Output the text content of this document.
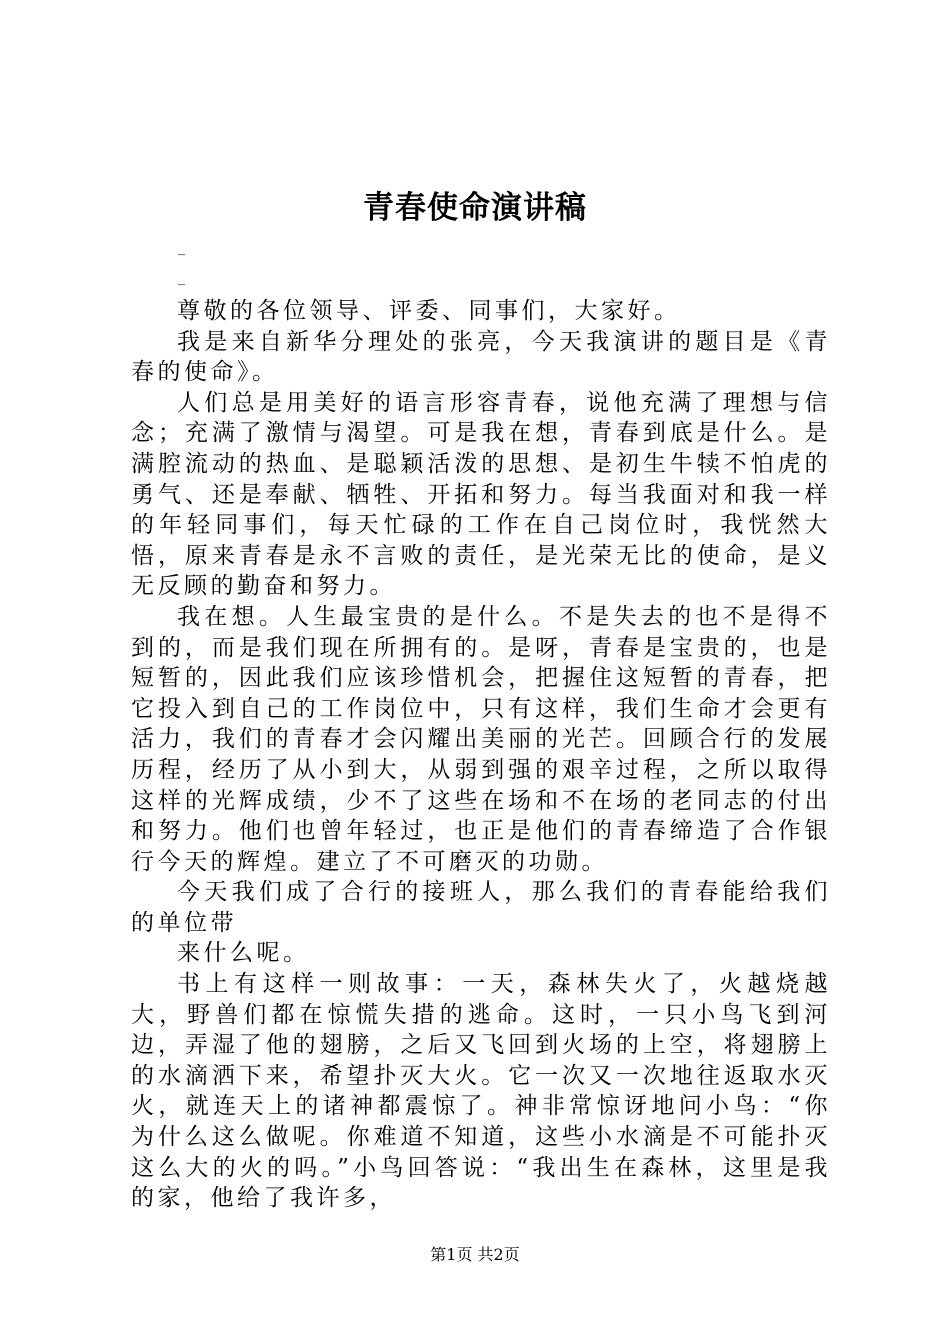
青春使命演讲稿
_
_

尊敬的各位领导、评委、同事们，大家好。

我是来自新华分理处的张亮，今天我演讲的题目是《青春的使命》。

人们总是用美好的语言形容青春，说他充满了理想与信念；充满了激情与渴望。可是我在想，青春到底是什么。是满腔流动的热血、是聪颖活泼的思想、是初生牛犊不怕虎的勇气、还是奉献、牺牲、开拓和努力。每当我面对和我一样的年轻同事们，每天忙碌的工作在自己岗位时，我恍然大悟，原来青春是永不言败的责任，是光荣无比的使命，是义无反顾的勤奋和努力。

我在想。人生最宝贵的是什么。不是失去的也不是得不到的，而是我们现在所拥有的。是呀，青春是宝贵的，也是短暂的，因此我们应该珍惜机会，把握住这短暂的青春，把它投入到自己的工作岗位中，只有这样，我们生命才会更有活力，我们的青春才会闪耀出美丽的光芒。回顾合行的发展历程，经历了从小到大，从弱到强的艰辛过程，之所以取得这样的光辉成绩，少不了这些在场和不在场的老同志的付出和努力。他们也曾年轻过，也正是他们的青春缔造了合作银行今天的辉煌。建立了不可磨灭的功勋。

今天我们成了合行的接班人，那么我们的青春能给我们的单位带

来什么呢。

书上有这样一则故事：一天，森林失火了，火越烧越大，野兽们都在惊慌失措的逃命。这时，一只小鸟飞到河边，弄湿了他的翅膀，之后又飞回到火场的上空，将翅膀上的水滴洒下来，希望扑灭大火。它一次又一次地往返取水灭火，就连天上的诸神都震惊了。神非常惊讶地问小鸟：“你为什么这么做呢。你难道不知道，这些小水滴是不可能扑灭这么大的火的吗。”小鸟回答说：“我出生在森林，这里是我的家，他给了我许多，

第1页 共2页
